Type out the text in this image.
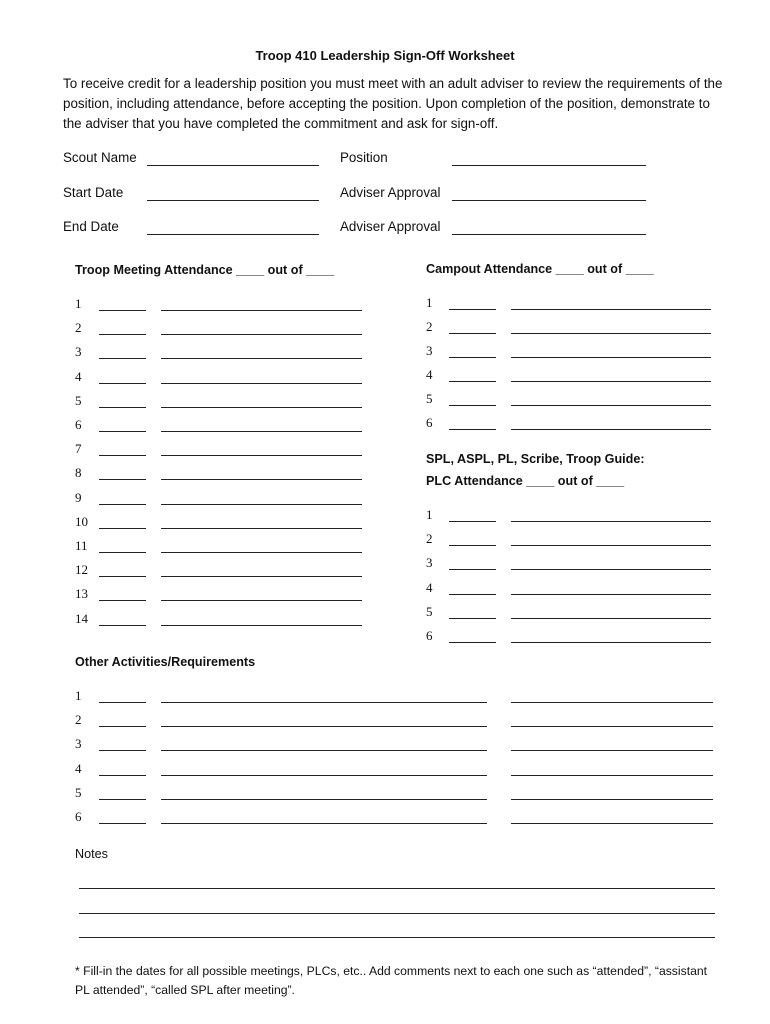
Troop 410 Leadership Sign-Off Worksheet
To receive credit for a leadership position you must meet with an adult adviser to review the requirements of the position, including attendance, before accepting the position. Upon completion of the position, demonstrate to the adviser that you have completed the commitment and ask for sign-off.
Scout Name	Position
Start Date	Adviser Approval
End Date	Adviser Approval
Troop Meeting Attendance ____ out of ____	Campout Attendance ____ out of ____
SPL, ASPL, PL, Scribe, Troop Guide:
PLC Attendance ____ out of ____
Other Activities/Requirements
1
2
3
4
5
6
7
8
9
10
11
12
13
14
1
2
3
4
5
6
1
2
3
4
5
6
1
2
3
4
5
6
Notes
* Fill-in the dates for all possible meetings, PLCs, etc.. Add comments next to each one such as “attended”, “assistant PL attended”, “called SPL after meeting”.
